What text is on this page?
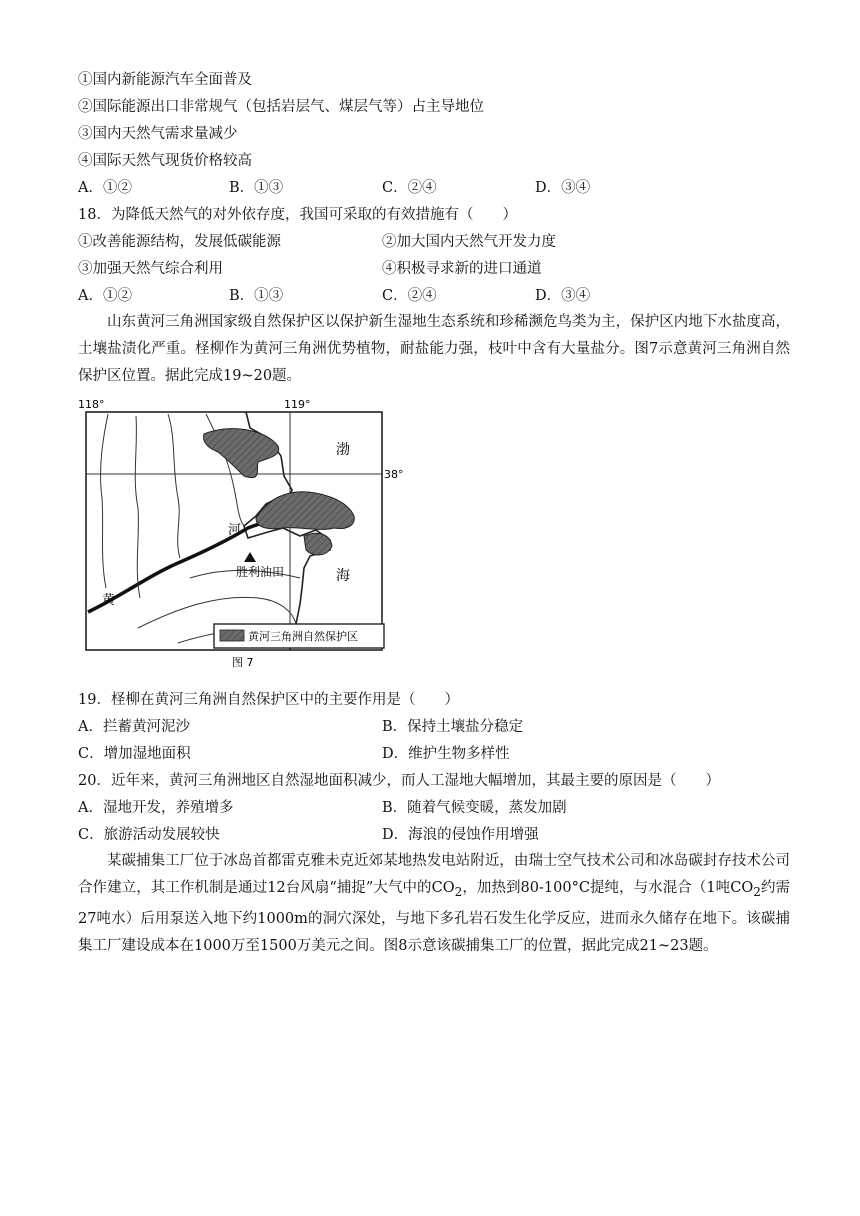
①国内新能源汽车全面普及
②国际能源出口非常规气（包括岩层气、煤层气等）占主导地位
③国内天然气需求量减少
④国际天然气现货价格较高
A．①②	B．①③	C．②④	D．③④
18．为降低天然气的对外依存度，我国可采取的有效措施有（　　）
①改善能源结构，发展低碳能源	②加大国内天然气开发力度
③加强天然气综合利用	④积极寻求新的进口通道
A．①②	B．①③	C．②④	D．③④
山东黄河三角洲国家级自然保护区以保护新生湿地生态系统和珍稀濒危鸟类为主，保护区内地下水盐度高，土壤盐渍化严重。柽柳作为黄河三角洲优势植物，耐盐能力强，枝叶中含有大量盐分。图7示意黄河三角洲自然保护区位置。据此完成19~20题。
118°	119°
38°
渤
海
河
黄
胜利油田
黄河三角洲自然保护区
图 7
19．柽柳在黄河三角洲自然保护区中的主要作用是（　　）
A．拦蓄黄河泥沙	B．保持土壤盐分稳定
C．增加湿地面积	D．维护生物多样性
20．近年来，黄河三角洲地区自然湿地面积减少，而人工湿地大幅增加，其最主要的原因是（　　）
A．湿地开发，养殖增多	B．随着气候变暖，蒸发加剧
C．旅游活动发展较快	D．海浪的侵蚀作用增强
某碳捕集工厂位于冰岛首都雷克雅未克近郊某地热发电站附近，由瑞士空气技术公司和冰岛碳封存技术公司合作建立，其工作机制是通过12台风扇“捕捉”大气中的$CO_2$，加热到80-100°C提纯，与水混合（1吨$CO_2$约需27吨水）后用泵送入地下约1000m的洞穴深处，与地下多孔岩石发生化学反应，进而永久储存在地下。该碳捕集工厂建设成本在1000万至1500万美元之间。图8示意该碳捕集工厂的位置，据此完成21~23题。
